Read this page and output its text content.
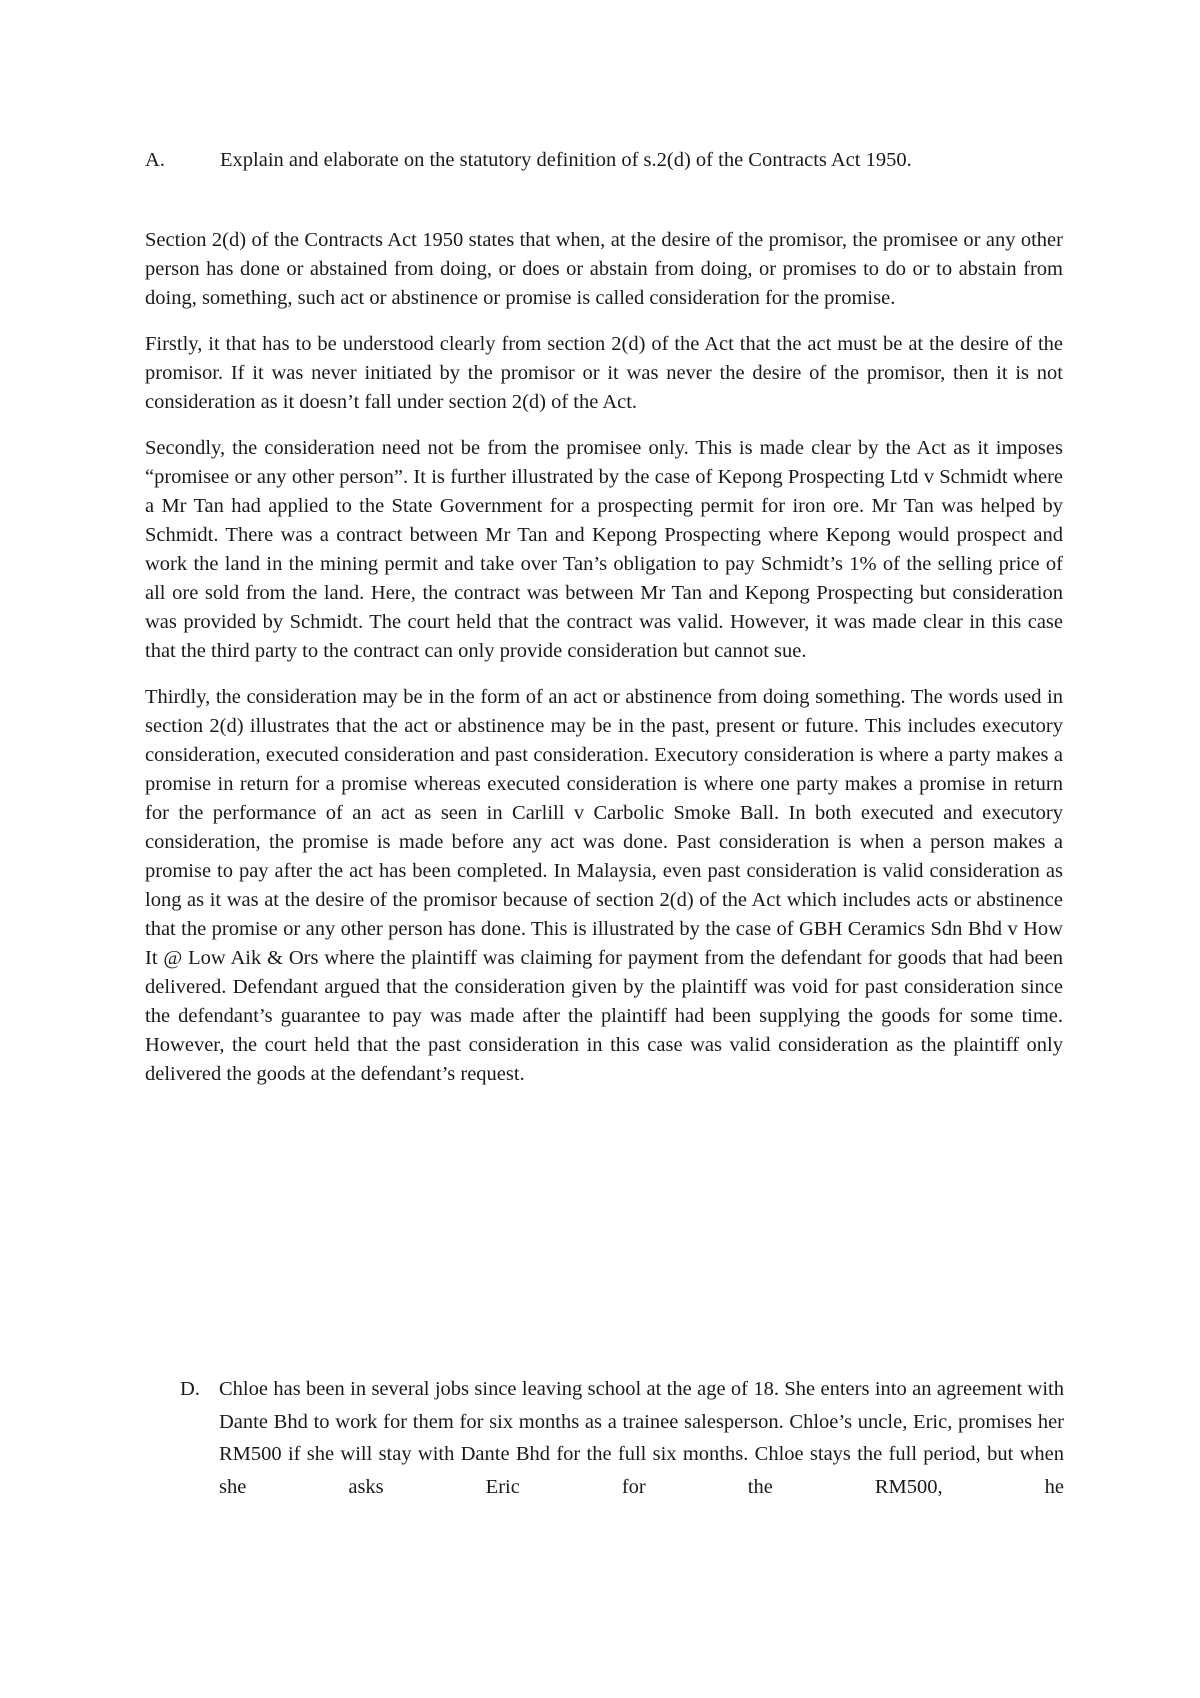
A.	Explain and elaborate on the statutory definition of s.2(d) of the Contracts Act 1950.

Section 2(d) of the Contracts Act 1950 states that when, at the desire of the promisor, the promisee or any other person has done or abstained from doing, or does or abstain from doing, or promises to do or to abstain from doing, something, such act or abstinence or promise is called consideration for the promise.

Firstly, it that has to be understood clearly from section 2(d) of the Act that the act must be at the desire of the promisor. If it was never initiated by the promisor or it was never the desire of the promisor, then it is not consideration as it doesn’t fall under section 2(d) of the Act.

Secondly, the consideration need not be from the promisee only. This is made clear by the Act as it imposes “promisee or any other person”. It is further illustrated by the case of Kepong Prospecting Ltd v Schmidt where a Mr Tan had applied to the State Government for a prospecting permit for iron ore. Mr Tan was helped by Schmidt. There was a contract between Mr Tan and Kepong Prospecting where Kepong would prospect and work the land in the mining permit and take over Tan’s obligation to pay Schmidt’s 1% of the selling price of all ore sold from the land. Here, the contract was between Mr Tan and Kepong Prospecting but consideration was provided by Schmidt. The court held that the contract was valid. However, it was made clear in this case that the third party to the contract can only provide consideration but cannot sue.

Thirdly, the consideration may be in the form of an act or abstinence from doing something. The words used in section 2(d) illustrates that the act or abstinence may be in the past, present or future. This includes executory consideration, executed consideration and past consideration. Executory consideration is where a party makes a promise in return for a promise whereas executed consideration is where one party makes a promise in return for the performance of an act as seen in Carlill v Carbolic Smoke Ball. In both executed and executory consideration, the promise is made before any act was done. Past consideration is when a person makes a promise to pay after the act has been completed. In Malaysia, even past consideration is valid consideration as long as it was at the desire of the promisor because of section 2(d) of the Act which includes acts or abstinence that the promise or any other person has done. This is illustrated by the case of GBH Ceramics Sdn Bhd v How It @ Low Aik & Ors where the plaintiff was claiming for payment from the defendant for goods that had been delivered. Defendant argued that the consideration given by the plaintiff was void for past consideration since the defendant’s guarantee to pay was made after the plaintiff had been supplying the goods for some time. However, the court held that the past consideration in this case was valid consideration as the plaintiff only delivered the goods at the defendant’s request.

D. Chloe has been in several jobs since leaving school at the age of 18. She enters into an agreement with Dante Bhd to work for them for six months as a trainee salesperson. Chloe’s uncle, Eric, promises her RM500 if she will stay with Dante Bhd for the full six months. Chloe stays the full period, but when she asks Eric for the RM500, he
